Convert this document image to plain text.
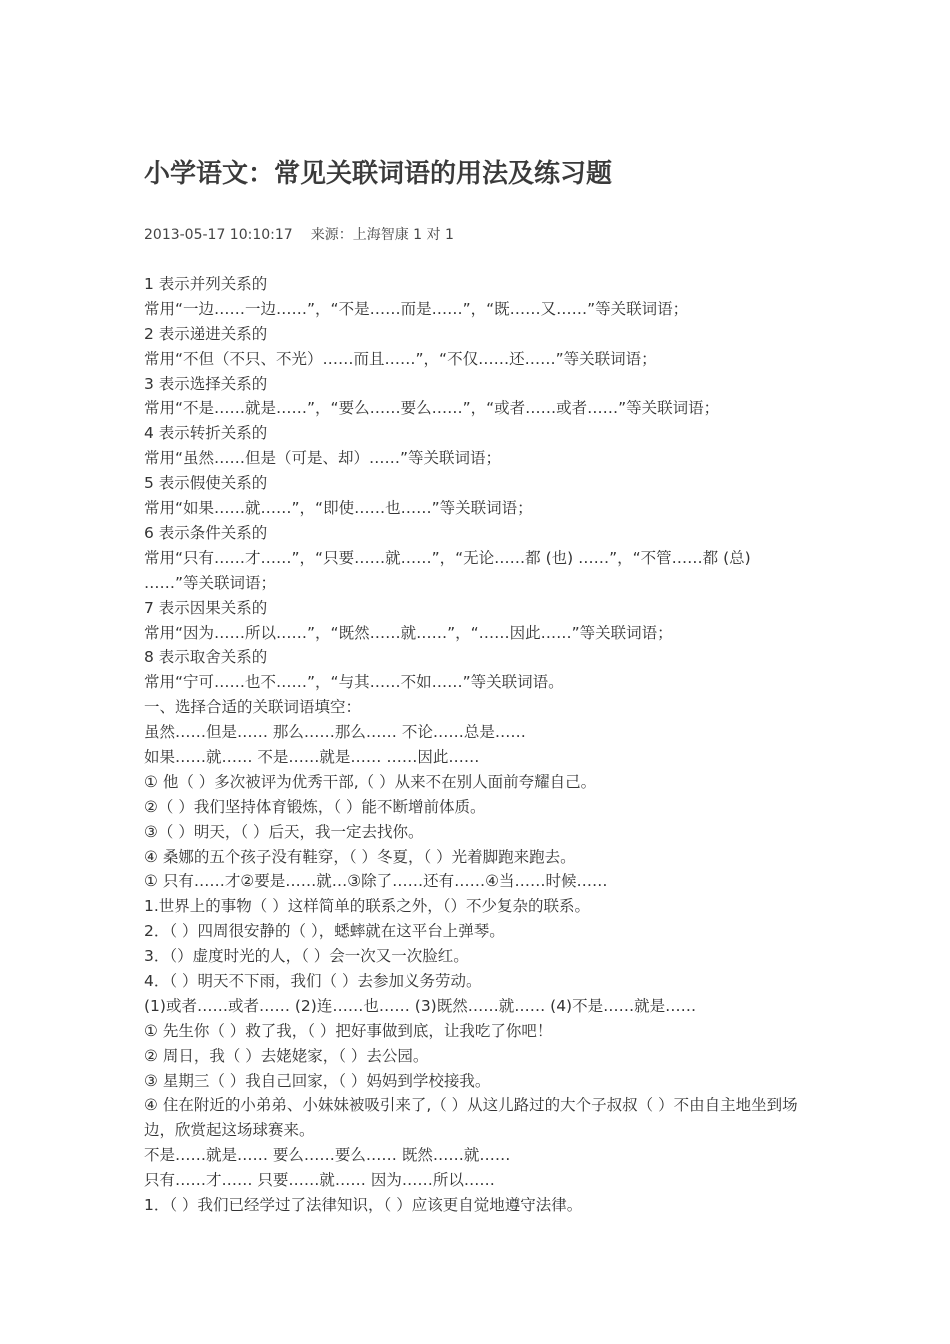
小学语文：常见关联词语的用法及练习题
2013-05-17 10:10:17 来源：上海智康 1 对 1
1 表示并列关系的
常用“一边……一边……”，“不是……而是……”，“既……又……”等关联词语；
2 表示递进关系的
常用“不但（不只、不光）……而且……”，“不仅……还……”等关联词语；
3 表示选择关系的
常用“不是……就是……”，“要么……要么……”，“或者……或者……”等关联词语；
4 表示转折关系的
常用“虽然……但是（可是、却）……”等关联词语；
5 表示假使关系的
常用“如果……就……”，“即使……也……”等关联词语；
6 表示条件关系的
常用“只有……才……”，“只要……就……”，“无论……都 (也) ……”，“不管……都 (总) ……”等关联词语；
7 表示因果关系的
常用“因为……所以……”，“既然……就……”，“……因此……”等关联词语；
8 表示取舍关系的
常用“宁可……也不……”，“与其……不如……”等关联词语。
一、选择合适的关联词语填空：
虽然……但是…… 那么……那么…… 不论……总是……
如果……就…… 不是……就是…… ……因此……
① 他（ ）多次被评为优秀干部,（ ）从来不在别人面前夸耀自己。
②（ ）我们坚持体育锻炼，（ ）能不断增前体质。
③（ ）明天，（ ）后天，我一定去找你。
④ 桑娜的五个孩子没有鞋穿，（ ）冬夏，（ ）光着脚跑来跑去。
① 只有……才②要是……就…③除了……还有……④当……时候……
1.世界上的事物（ ）这样简单的联系之外，（）不少复杂的联系。
2．（ ）四周很安静的（ ），蟋蟀就在这平台上弹琴。
3．（）虚度时光的人，（ ）会一次又一次脸红。
4．（ ）明天不下雨，我们（ ）去参加义务劳动。
(1)或者……或者…… (2)连……也…… (3)既然……就…… (4)不是……就是……
① 先生你（ ）救了我，（ ）把好事做到底，让我吃了你吧！
② 周日，我（ ）去姥姥家，（ ）去公园。
③ 星期三（ ）我自己回家，（ ）妈妈到学校接我。
④ 住在附近的小弟弟、小妹妹被吸引来了,（ ）从这儿路过的大个子叔叔（ ）不由自主地坐到场边，欣赏起这场球赛来。
不是……就是…… 要么……要么…… 既然……就……
只有……才…… 只要……就…… 因为……所以……
1．（ ）我们已经学过了法律知识，（ ）应该更自觉地遵守法律。
